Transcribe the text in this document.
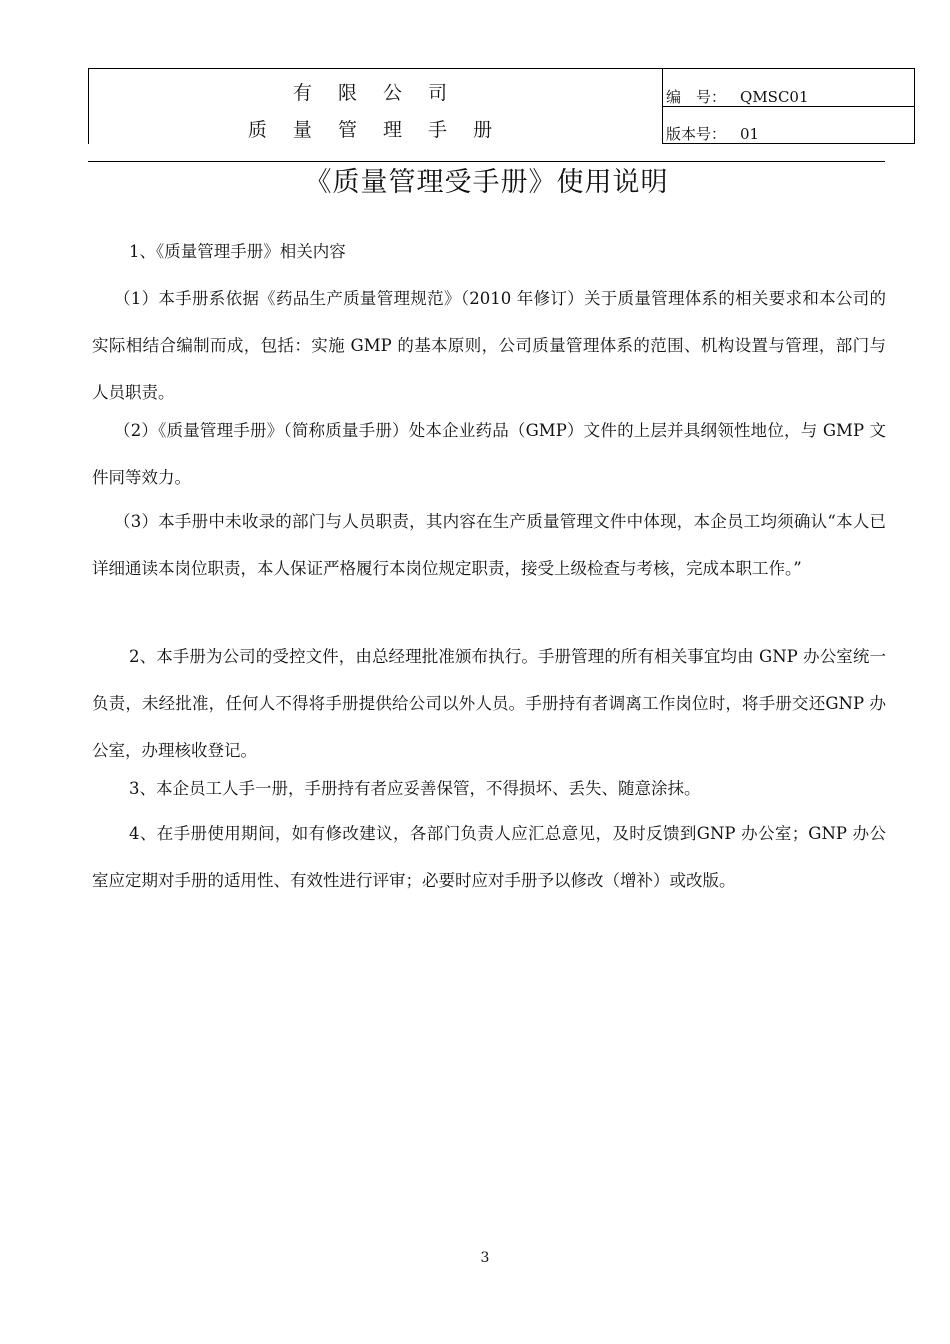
有 限 公 司
质 量 管 理 手 册
编　号： QMSC01
版本号： 01
《质量管理受手册》使用说明

1、《质量管理手册》相关内容

（1）本手册系依据《药品生产质量管理规范》（2010 年修订）关于质量管理体系的相关要求和本公司的实际相结合编制而成，包括：实施 GMP 的基本原则，公司质量管理体系的范围、机构设置与管理，部门与人员职责。

（2）《质量管理手册》（简称质量手册）处本企业药品（GMP）文件的上层并具纲领性地位，与 GMP 文件同等效力。

（3）本手册中未收录的部门与人员职责，其内容在生产质量管理文件中体现，本企员工均须确认“本人已详细通读本岗位职责，本人保证严格履行本岗位规定职责，接受上级检查与考核，完成本职工作。”

2、本手册为公司的受控文件，由总经理批准颁布执行。手册管理的所有相关事宜均由 GNP 办公室统一负责，未经批准，任何人不得将手册提供给公司以外人员。手册持有者调离工作岗位时，将手册交还GNP 办公室，办理核收登记。

3、本企员工人手一册，手册持有者应妥善保管，不得损坏、丢失、随意涂抹。

4、在手册使用期间，如有修改建议，各部门负责人应汇总意见，及时反馈到GNP 办公室；GNP 办公室应定期对手册的适用性、有效性进行评审；必要时应对手册予以修改（增补）或改版。

3
